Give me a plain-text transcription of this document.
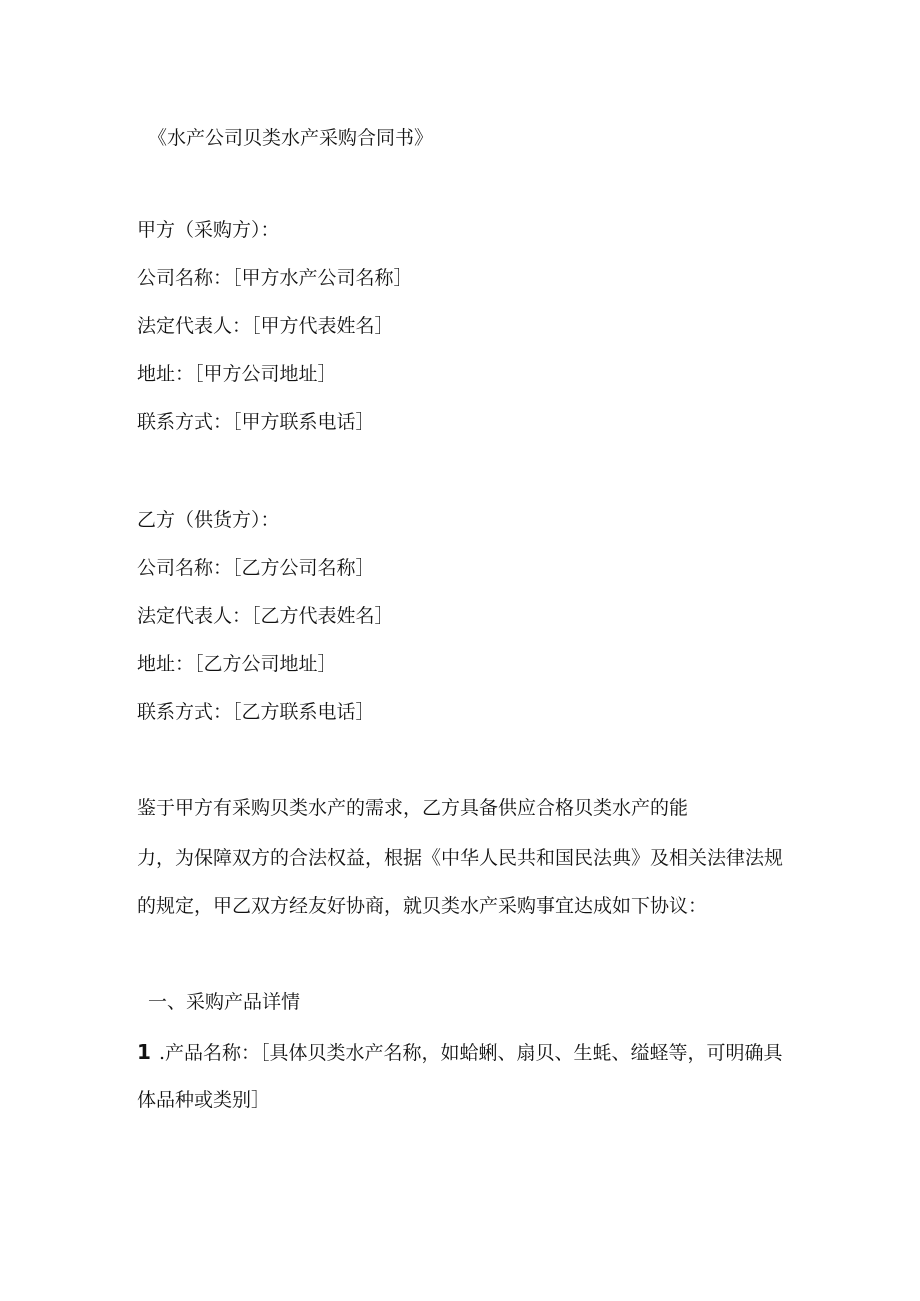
《水产公司贝类水产采购合同书》
甲方（采购方）：
公司名称：［甲方水产公司名称］
法定代表人：［甲方代表姓名］
地址：［甲方公司地址］
联系方式：［甲方联系电话］
乙方（供货方）：
公司名称：［乙方公司名称］
法定代表人：［乙方代表姓名］
地址：［乙方公司地址］
联系方式：［乙方联系电话］
鉴于甲方有采购贝类水产的需求，乙方具备供应合格贝类水产的能
力，为保障双方的合法权益，根据《中华人民共和国民法典》及相关法律法规
的规定，甲乙双方经友好协商，就贝类水产采购事宜达成如下协议：
一、采购产品详情
1 .产品名称：［具体贝类水产名称，如蛤蜊、扇贝、生蚝、缢蛏等，可明确具
体品种或类别］
